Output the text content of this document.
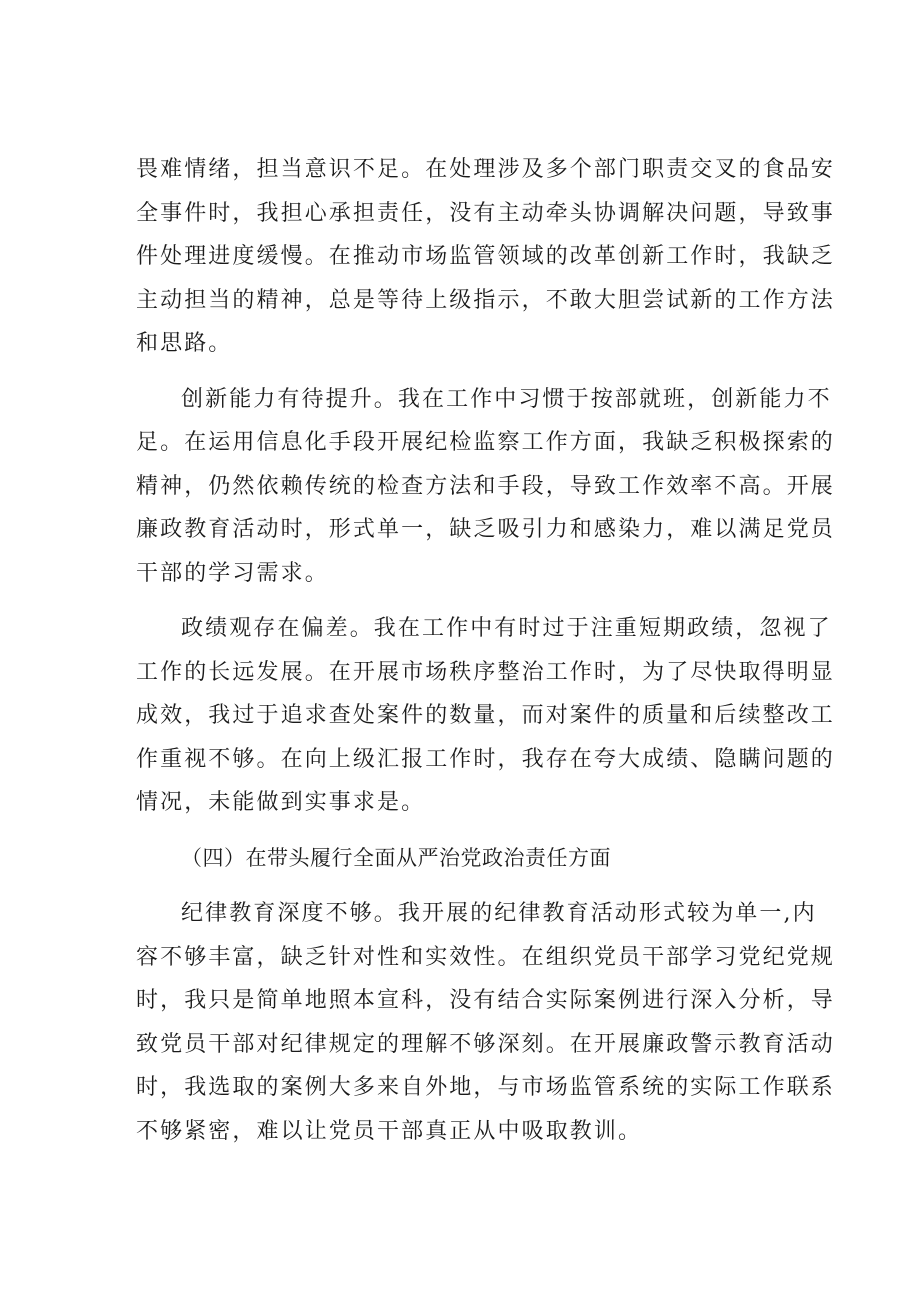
畏难情绪，担当意识不足。在处理涉及多个部门职责交叉的食品安
全事件时，我担心承担责任，没有主动牵头协调解决问题，导致事
件处理进度缓慢。在推动市场监管领域的改革创新工作时，我缺乏
主动担当的精神，总是等待上级指示，不敢大胆尝试新的工作方法
和思路。

创新能力有待提升。我在工作中习惯于按部就班，创新能力不
足。在运用信息化手段开展纪检监察工作方面，我缺乏积极探索的
精神，仍然依赖传统的检查方法和手段，导致工作效率不高。开展
廉政教育活动时，形式单一，缺乏吸引力和感染力，难以满足党员
干部的学习需求。

政绩观存在偏差。我在工作中有时过于注重短期政绩，忽视了
工作的长远发展。在开展市场秩序整治工作时，为了尽快取得明显
成效，我过于追求查处案件的数量，而对案件的质量和后续整改工
作重视不够。在向上级汇报工作时，我存在夸大成绩、隐瞒问题的
情况，未能做到实事求是。

（四）在带头履行全面从严治党政治责任方面

纪律教育深度不够。我开展的纪律教育活动形式较为单一,内
容不够丰富，缺乏针对性和实效性。在组织党员干部学习党纪党规
时，我只是简单地照本宣科，没有结合实际案例进行深入分析，导
致党员干部对纪律规定的理解不够深刻。在开展廉政警示教育活动
时，我选取的案例大多来自外地，与市场监管系统的实际工作联系
不够紧密，难以让党员干部真正从中吸取教训。
